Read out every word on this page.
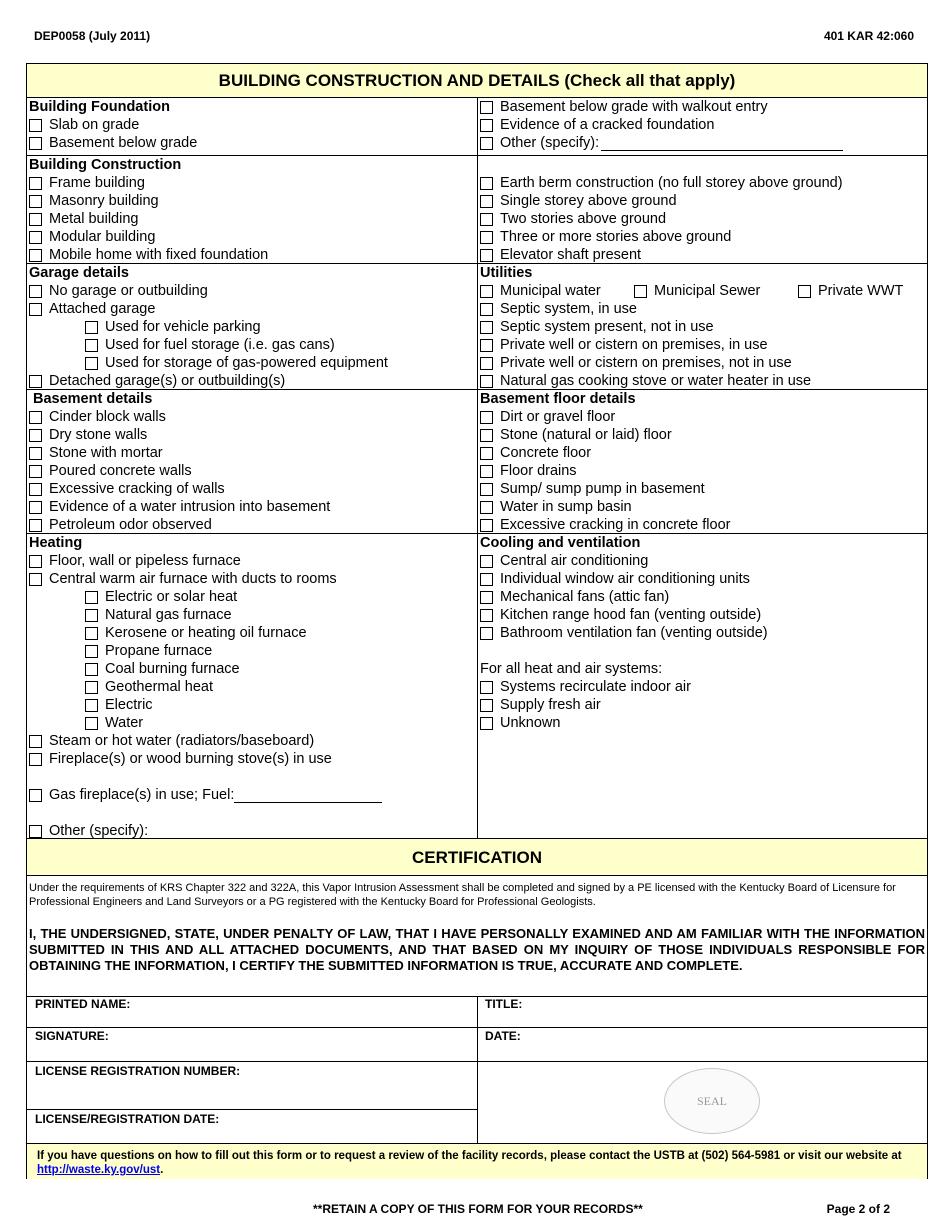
DEP0058 (July 2011)	401 KAR 42:060
BUILDING CONSTRUCTION AND DETAILS (Check all that apply)
Building Foundation
Slab on grade
Basement below grade
Basement below grade with walkout entry
Evidence of a cracked foundation
Other (specify):
Building Construction
Frame building
Masonry building
Metal building
Modular building
Mobile home with fixed foundation
Earth berm construction (no full storey above ground)
Single storey above ground
Two stories above ground
Three or more stories above ground
Elevator shaft present
Garage details
No garage or outbuilding
Attached garage
Used for vehicle parking
Used for fuel storage (i.e. gas cans)
Used for storage of gas-powered equipment
Detached garage(s) or outbuilding(s)
Utilities
Municipal water	Municipal Sewer	Private WWT
Septic system, in use
Septic system present, not in use
Private well or cistern on premises, in use
Private well or cistern on premises, not in use
Natural gas cooking stove or water heater in use
Basement details
Cinder block walls
Dry stone walls
Stone with mortar
Poured concrete walls
Excessive cracking of walls
Evidence of a water intrusion into basement
Petroleum odor observed
Basement floor details
Dirt or gravel floor
Stone (natural or laid) floor
Concrete floor
Floor drains
Sump/ sump pump in basement
Water in sump basin
Excessive cracking in concrete floor
Heating
Floor, wall or pipeless furnace
Central warm air furnace with ducts to rooms
Electric or solar heat
Natural gas furnace
Kerosene or heating oil furnace
Propane furnace
Coal burning furnace
Geothermal heat
Electric
Water
Steam or hot water (radiators/baseboard)
Fireplace(s) or wood burning stove(s) in use
Gas fireplace(s) in use; Fuel:
Other (specify):
Cooling and ventilation
Central air conditioning
Individual window air conditioning units
Mechanical fans (attic fan)
Kitchen range hood fan (venting outside)
Bathroom ventilation fan (venting outside)
For all heat and air systems:
Systems recirculate indoor air
Supply fresh air
Unknown
CERTIFICATION
Under the requirements of KRS Chapter 322 and 322A, this Vapor Intrusion Assessment shall be completed and signed by a PE licensed with the Kentucky Board of Licensure for Professional Engineers and Land Surveyors or a PG registered with the Kentucky Board for Professional Geologists.
I, THE UNDERSIGNED, STATE, UNDER PENALTY OF LAW, THAT I HAVE PERSONALLY EXAMINED AND AM FAMILIAR WITH THE INFORMATION SUBMITTED IN THIS AND ALL ATTACHED DOCUMENTS, AND THAT BASED ON MY INQUIRY OF THOSE INDIVIDUALS RESPONSIBLE FOR OBTAINING THE INFORMATION, I CERTIFY THE SUBMITTED INFORMATION IS TRUE, ACCURATE AND COMPLETE.
PRINTED NAME:	TITLE:
SIGNATURE:	DATE:
LICENSE REGISTRATION NUMBER:
LICENSE/REGISTRATION DATE:
SEAL
If you have questions on how to fill out this form or to request a review of the facility records, please contact the USTB at (502) 564-5981 or visit our website at http://waste.ky.gov/ust.
**RETAIN A COPY OF THIS FORM FOR YOUR RECORDS**	Page 2 of 2
